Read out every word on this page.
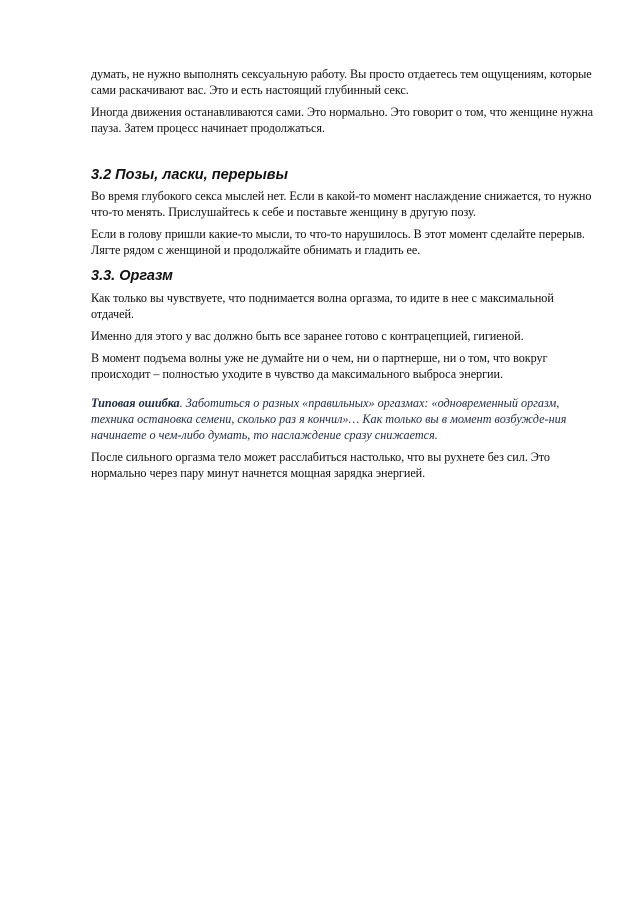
думать, не нужно выполнять сексуальную работу. Вы просто отдаетесь тем ощущениям, которые сами раскачивают вас. Это и есть настоящий глубинный секс.

Иногда движения останавливаются сами. Это нормально. Это говорит о том, что женщине нужна пауза. Затем процесс начинает продолжаться.

3.2 Позы, ласки, перерывы

Во время глубокого секса мыслей нет. Если в какой-то момент наслаждение снижается, то нужно что-то менять. Прислушайтесь к себе и поставьте женщину в другую позу.

Если в голову пришли какие-то мысли, то что-то нарушилось. В этот момент сделайте перерыв. Лягте рядом с женщиной и продолжайте обнимать и гладить ее.

3.3. Оргазм

Как только вы чувствуете, что поднимается волна оргазма, то идите в нее с максимальной отдачей.

Именно для этого у вас должно быть все заранее готово с контрацепцией, гигиеной.

В момент подъема волны уже не думайте ни о чем, ни о партнерше, ни о том, что вокруг происходит – полностью уходите в чувство да максимального выброса энергии.

Типовая ошибка. Заботиться о разных «правильных» оргазмах: «одновременный оргазм, техника остановка семени, сколько раз я кончил»… Как только вы в момент возбужде-ния начинаете о чем-либо думать, то наслаждение сразу снижается.

После сильного оргазма тело может расслабиться настолько, что вы рухнете без сил. Это нормально через пару минут начнется мощная зарядка энергией.
